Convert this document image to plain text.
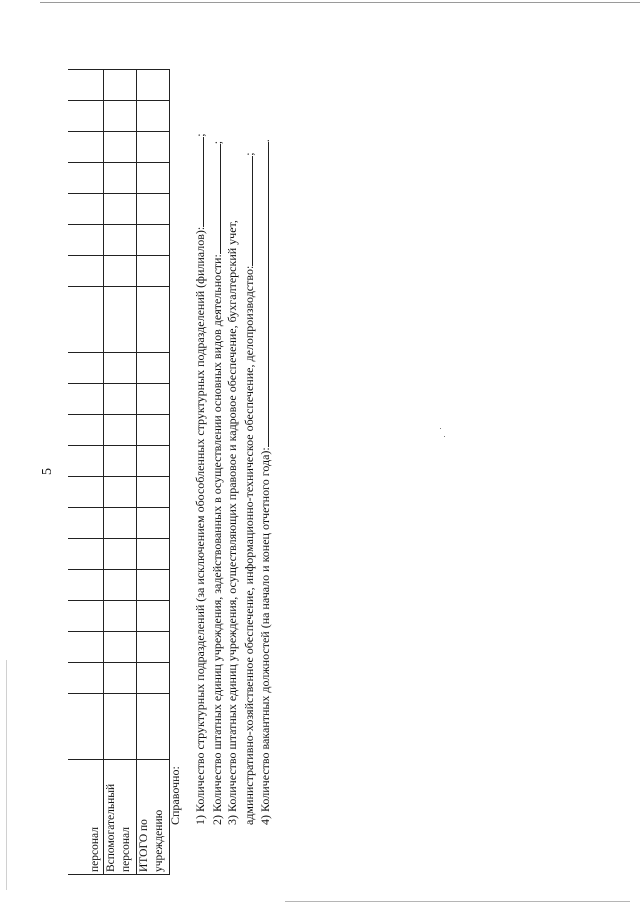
5
персонал																				
Вспомогательный персонал																				
ИТОГО по учреждению																				
Справочно: 1) Количество структурных подразделений (за исключением обособленных структурных подразделений (филиалов):;
2) Количество штатных единиц учреждения, задействованных в осуществлении основных видов деятельности:;
3) Количество штатных единиц учреждения, осуществляющих правовое и кадровое обеспечение, бухгалтерский учет, административно-хозяйственное обеспечение, информационно-техническое обеспечение, делопроизводство:;
4) Количество вакантных должностей (на начало и конец отчетного года):.
